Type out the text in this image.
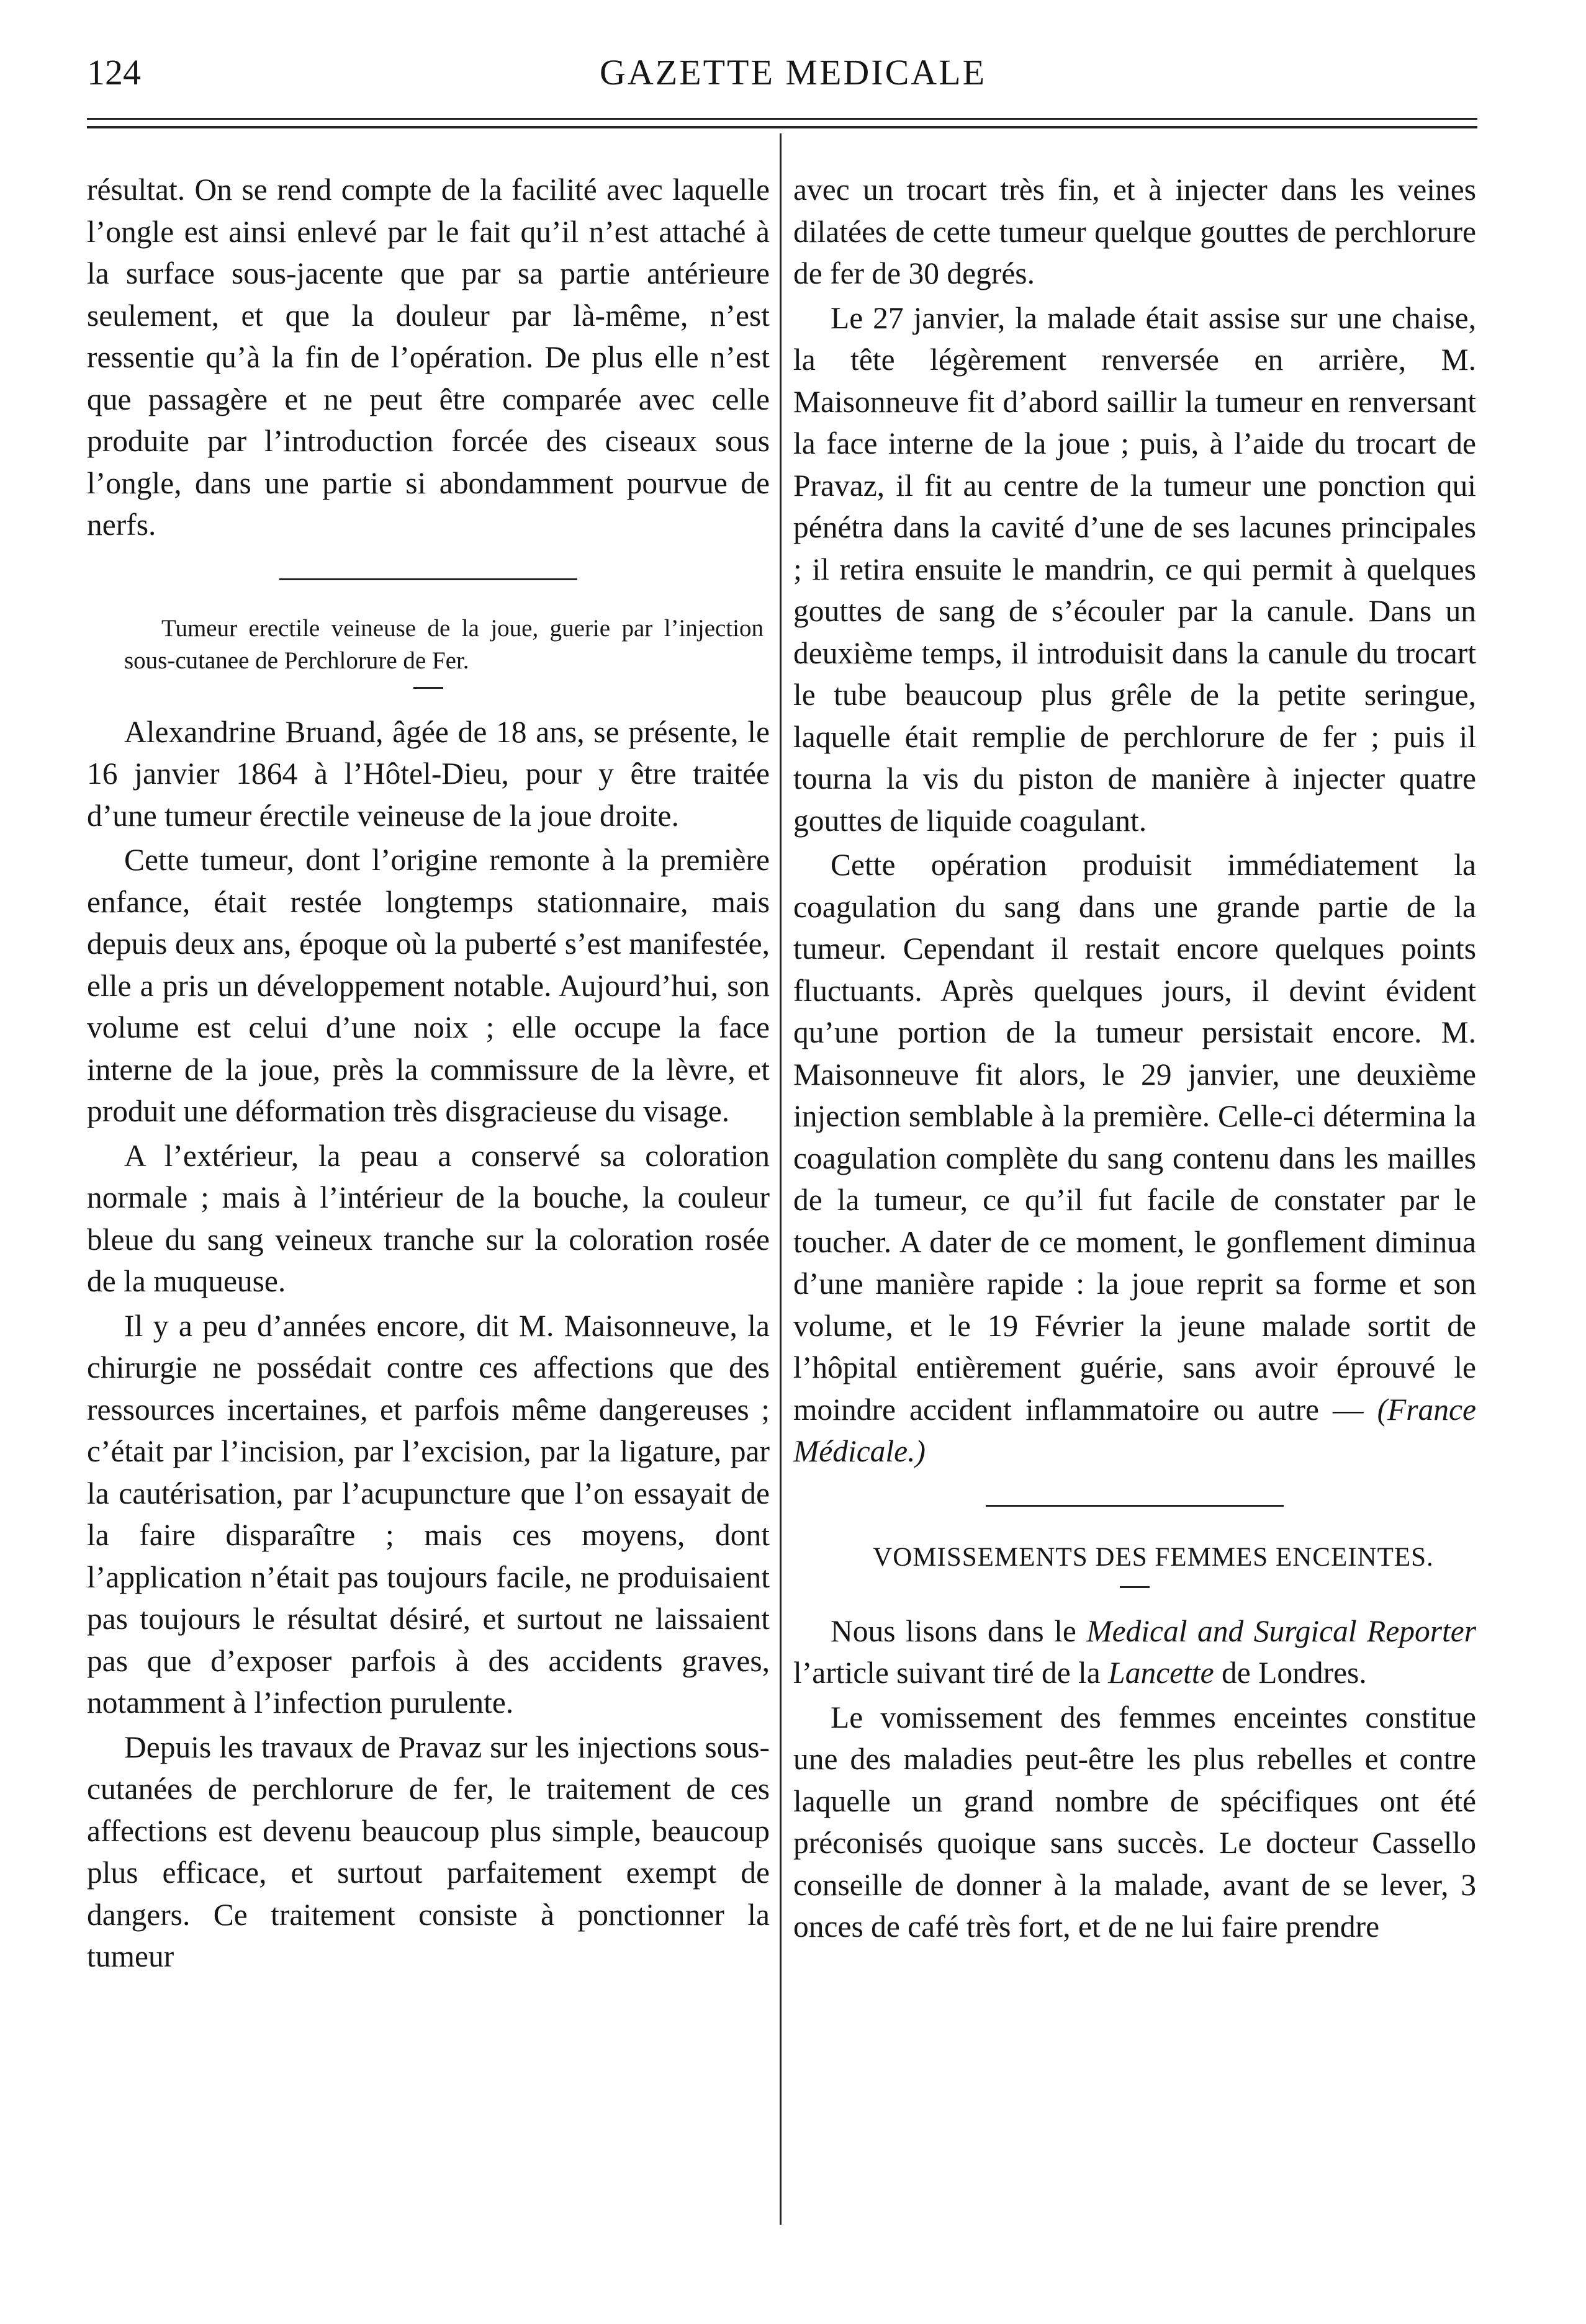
124	GAZETTE MEDICALE

résultat. On se rend compte de la facilité avec laquelle l’ongle est ainsi enlevé par le fait qu’il n’est attaché à la surface sous-jacente que par sa partie antérieure seulement, et que la douleur par là-même, n’est ressentie qu’à la fin de l’opération. De plus elle n’est que passagère et ne peut être comparée avec celle produite par l’introduction forcée des ciseaux sous l’ongle, dans une partie si abondamment pourvue de nerfs.

Tumeur erectile veineuse de la joue, guerie par l’injection sous-cutanee de Perchlorure de Fer.

Alexandrine Bruand, âgée de 18 ans, se présente, le 16 janvier 1864 à l’Hôtel-Dieu, pour y être traitée d’une tumeur érectile veineuse de la joue droite.

Cette tumeur, dont l’origine remonte à la première enfance, était restée longtemps stationnaire, mais depuis deux ans, époque où la puberté s’est manifestée, elle a pris un développement notable. Aujourd’hui, son volume est celui d’une noix ; elle occupe la face interne de la joue, près la commissure de la lèvre, et produit une déformation très disgracieuse du visage.

A l’extérieur, la peau a conservé sa coloration normale ; mais à l’intérieur de la bouche, la couleur bleue du sang veineux tranche sur la coloration rosée de la muqueuse.

Il y a peu d’années encore, dit M. Maisonneuve, la chirurgie ne possédait contre ces affections que des ressources incertaines, et parfois même dangereuses ; c’était par l’incision, par l’excision, par la ligature, par la cautérisation, par l’acupuncture que l’on essayait de la faire disparaître ; mais ces moyens, dont l’application n’était pas toujours facile, ne produisaient pas toujours le résultat désiré, et surtout ne laissaient pas que d’exposer parfois à des accidents graves, notamment à l’infection purulente.

Depuis les travaux de Pravaz sur les injections sous-cutanées de perchlorure de fer, le traitement de ces affections est devenu beaucoup plus simple, beaucoup plus efficace, et surtout parfaitement exempt de dangers. Ce traitement consiste à ponctionner la tumeur

avec un trocart très fin, et à injecter dans les veines dilatées de cette tumeur quelque gouttes de perchlorure de fer de 30 degrés.

Le 27 janvier, la malade était assise sur une chaise, la tête légèrement renversée en arrière, M. Maisonneuve fit d’abord saillir la tumeur en renversant la face interne de la joue ; puis, à l’aide du trocart de Pravaz, il fit au centre de la tumeur une ponction qui pénétra dans la cavité d’une de ses lacunes principales ; il retira ensuite le mandrin, ce qui permit à quelques gouttes de sang de s’écouler par la canule. Dans un deuxième temps, il introduisit dans la canule du trocart le tube beaucoup plus grêle de la petite seringue, laquelle était remplie de perchlorure de fer ; puis il tourna la vis du piston de manière à injecter quatre gouttes de liquide coagulant.

Cette opération produisit immédiatement la coagulation du sang dans une grande partie de la tumeur. Cependant il restait encore quelques points fluctuants. Après quelques jours, il devint évident qu’une portion de la tumeur persistait encore. M. Maisonneuve fit alors, le 29 janvier, une deuxième injection semblable à la première. Celle-ci détermina la coagulation complète du sang contenu dans les mailles de la tumeur, ce qu’il fut facile de constater par le toucher. A dater de ce moment, le gonflement diminua d’une manière rapide : la joue reprit sa forme et son volume, et le 19 Février la jeune malade sortit de l’hôpital entièrement guérie, sans avoir éprouvé le moindre accident inflammatoire ou autre — (France Médicale.)

VOMISSEMENTS DES FEMMES ENCEINTES.

Nous lisons dans le Medical and Surgical Reporter l’article suivant tiré de la Lancette de Londres.

Le vomissement des femmes enceintes constitue une des maladies peut-être les plus rebelles et contre laquelle un grand nombre de spécifiques ont été préconisés quoique sans succès. Le docteur Cassello conseille de donner à la malade, avant de se lever, 3 onces de café très fort, et de ne lui faire prendre
